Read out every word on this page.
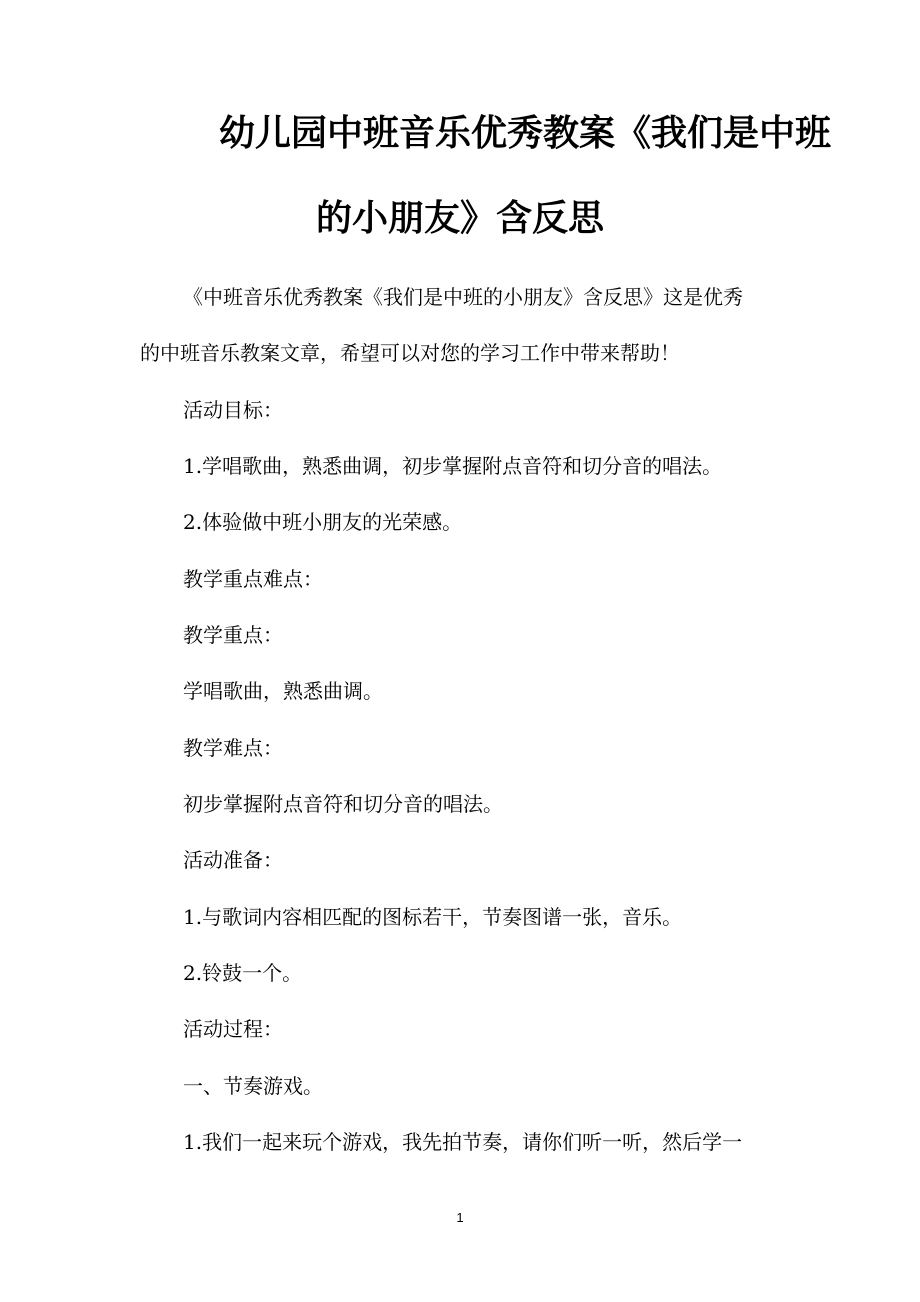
幼儿园中班音乐优秀教案《我们是中班
的小朋友》含反思
《中班音乐优秀教案《我们是中班的小朋友》含反思》这是优秀
的中班音乐教案文章，希望可以对您的学习工作中带来帮助！
活动目标：
1.学唱歌曲，熟悉曲调，初步掌握附点音符和切分音的唱法。
2.体验做中班小朋友的光荣感。
教学重点难点：
教学重点：
学唱歌曲，熟悉曲调。
教学难点：
初步掌握附点音符和切分音的唱法。
活动准备：
1.与歌词内容相匹配的图标若干，节奏图谱一张，音乐。
2.铃鼓一个。
活动过程：
一、节奏游戏。
1.我们一起来玩个游戏，我先拍节奏，请你们听一听，然后学一
1
